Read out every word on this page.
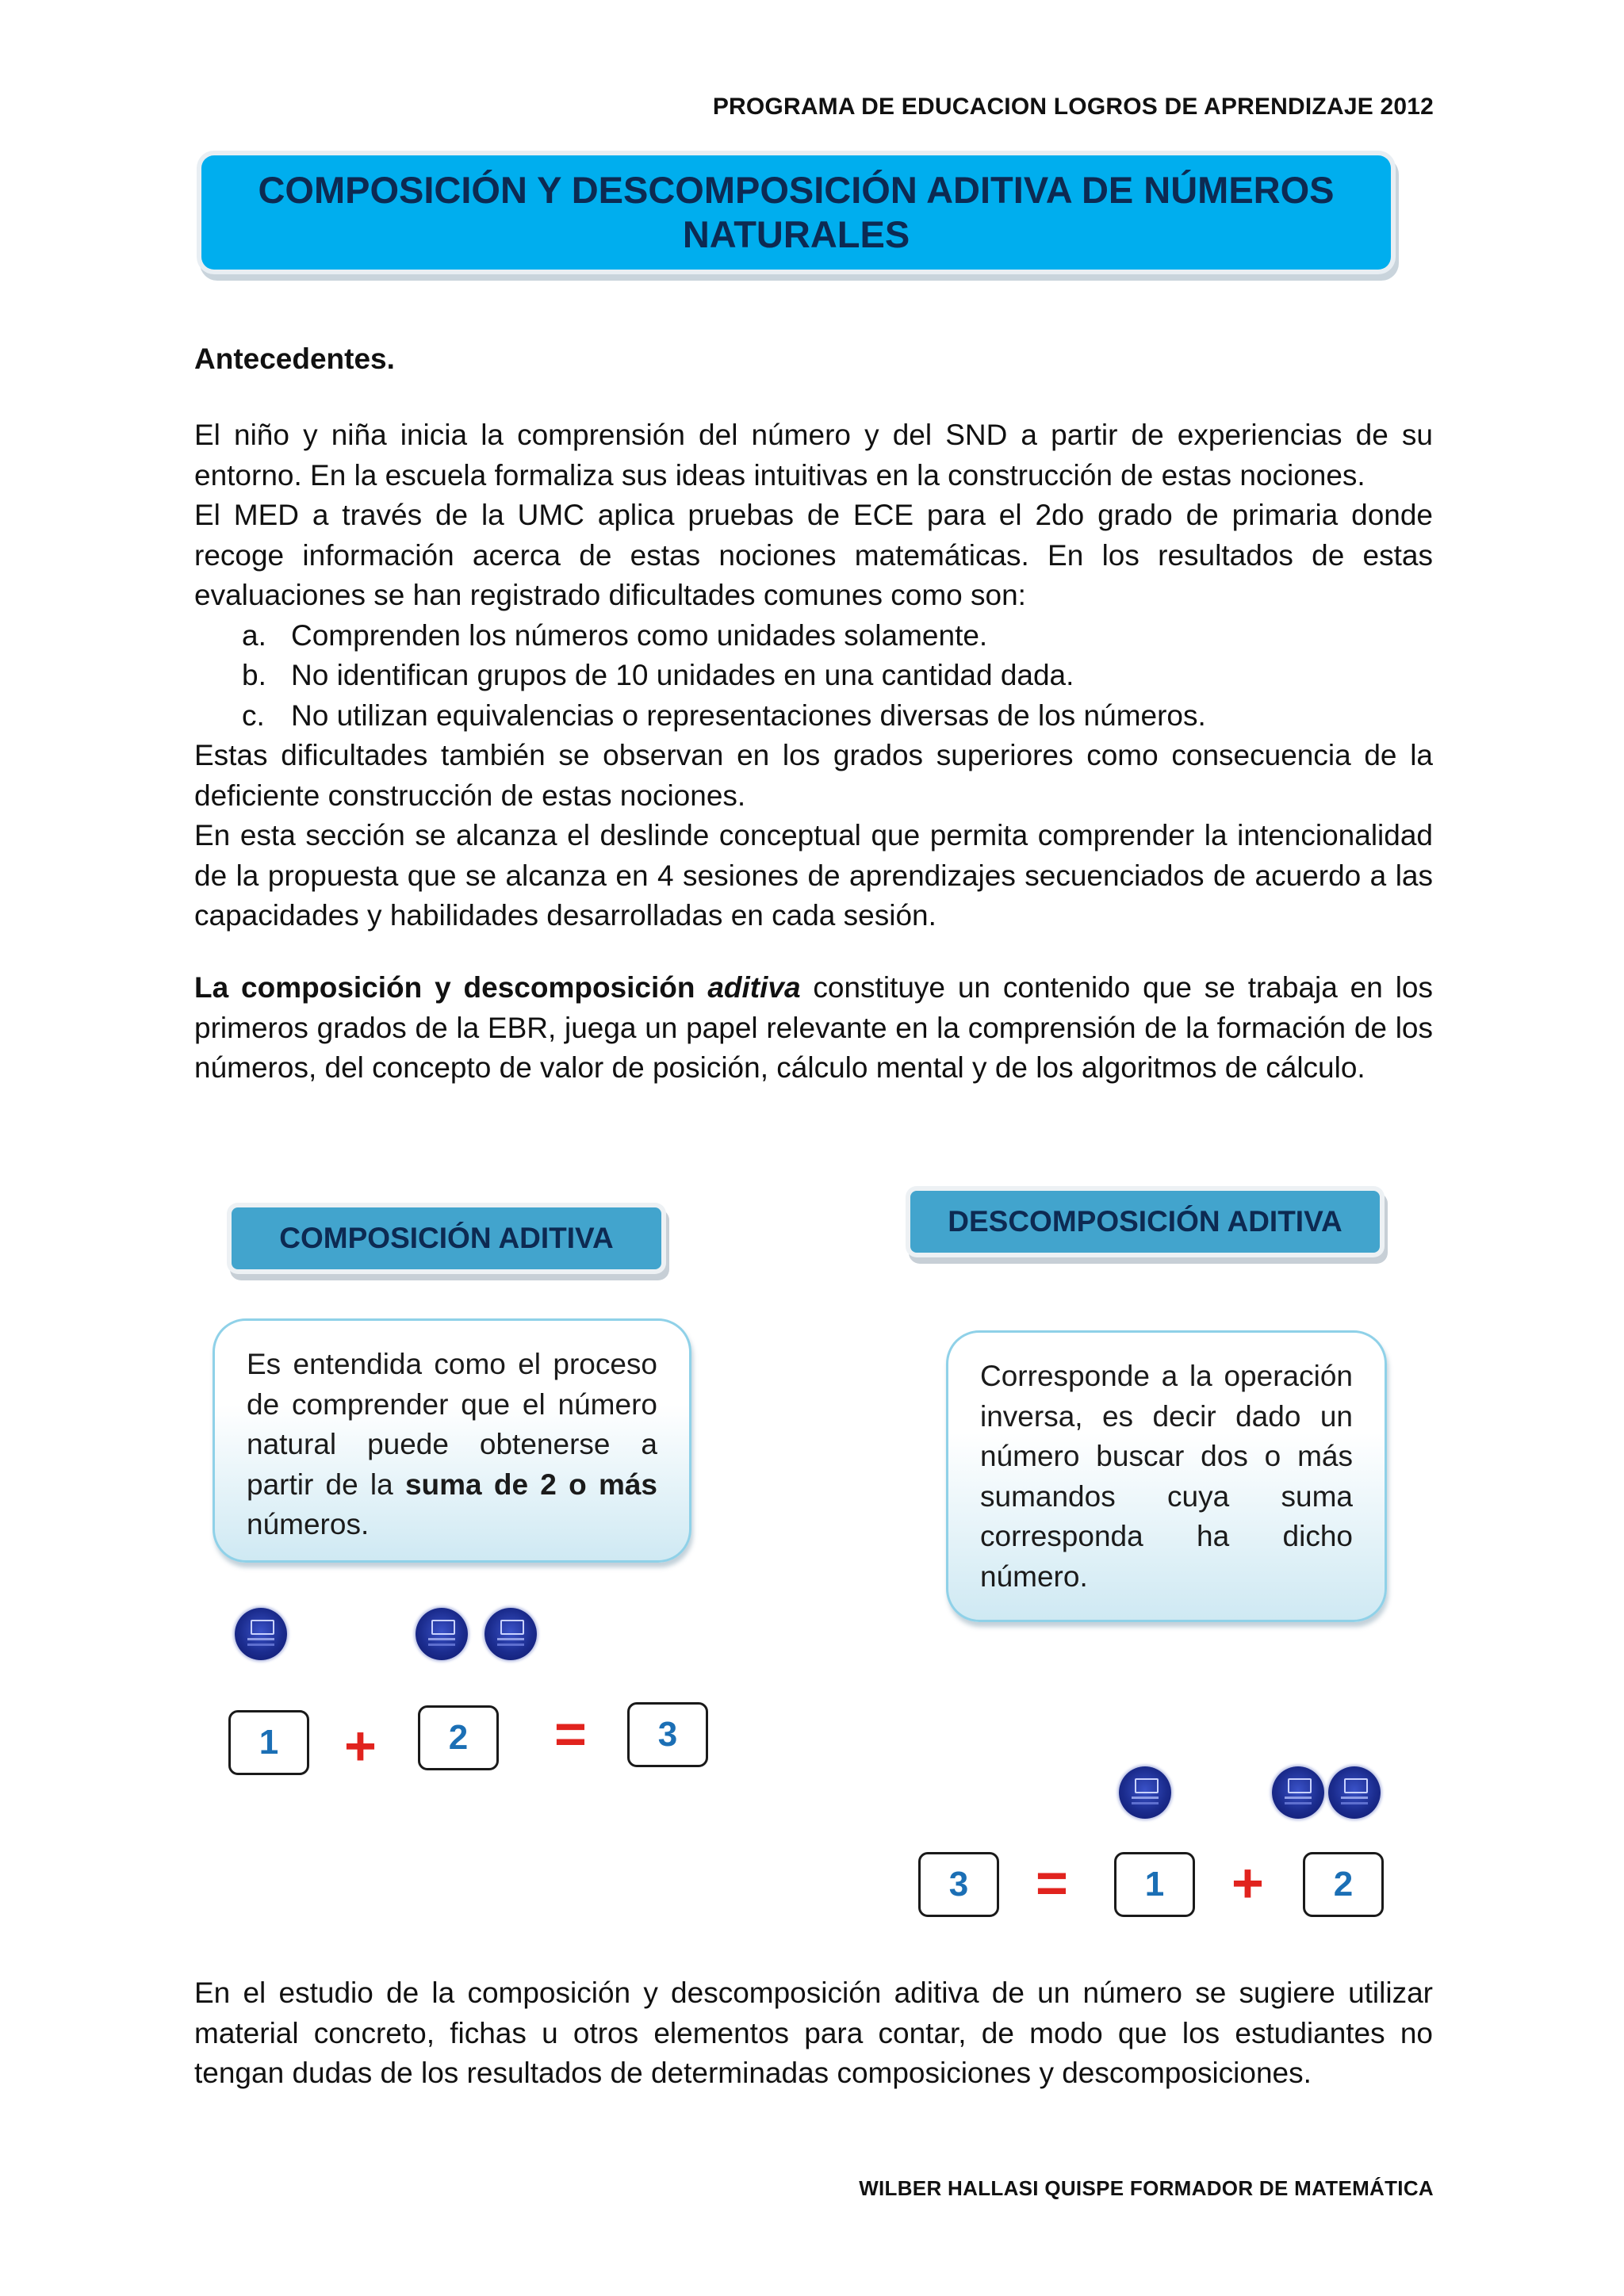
PROGRAMA DE EDUCACION LOGROS DE APRENDIZAJE 2012
COMPOSICIÓN Y DESCOMPOSICIÓN ADITIVA DE NÚMEROS NATURALES
Antecedentes.

El niño y niña inicia la comprensión del número y del SND a partir de experiencias de su entorno. En la escuela formaliza sus ideas intuitivas en la construcción de estas nociones.

El MED a través de la UMC aplica pruebas de ECE para el 2do grado de primaria donde recoge información acerca de estas nociones matemáticas. En los resultados de estas evaluaciones se han registrado dificultades comunes como son:

a. Comprenden los números como unidades solamente.
b. No identifican grupos de 10 unidades en una cantidad dada.
c. No utilizan equivalencias o representaciones diversas de los números.

Estas dificultades también se observan en los grados superiores como consecuencia de la deficiente construcción de estas nociones.

En esta sección se alcanza el deslinde conceptual que permita comprender la intencionalidad de la propuesta que se alcanza en 4 sesiones de aprendizajes secuenciados de acuerdo a las capacidades y habilidades desarrolladas en cada sesión.

La composición y descomposición aditiva constituye un contenido que se trabaja en los primeros grados de la EBR, juega un papel relevante en la comprensión de la formación de los números, del concepto de valor de posición, cálculo mental y de los algoritmos de cálculo.

COMPOSICIÓN ADITIVA

Es entendida como el proceso de comprender que el número natural puede obtenerse a partir de la suma de 2 o más números.

1	+	2	=	3
DESCOMPOSICIÓN ADITIVA

Corresponde a la operación inversa, es decir dado un número buscar dos o más sumandos cuya suma corresponda ha dicho número.

3	=	1	+	2

En el estudio de la composición y descomposición aditiva de un número se sugiere utilizar material concreto, fichas u otros elementos para contar, de modo que los estudiantes no tengan dudas de los resultados de determinadas composiciones y descomposiciones.

WILBER HALLASI QUISPE FORMADOR DE MATEMÁTICA
